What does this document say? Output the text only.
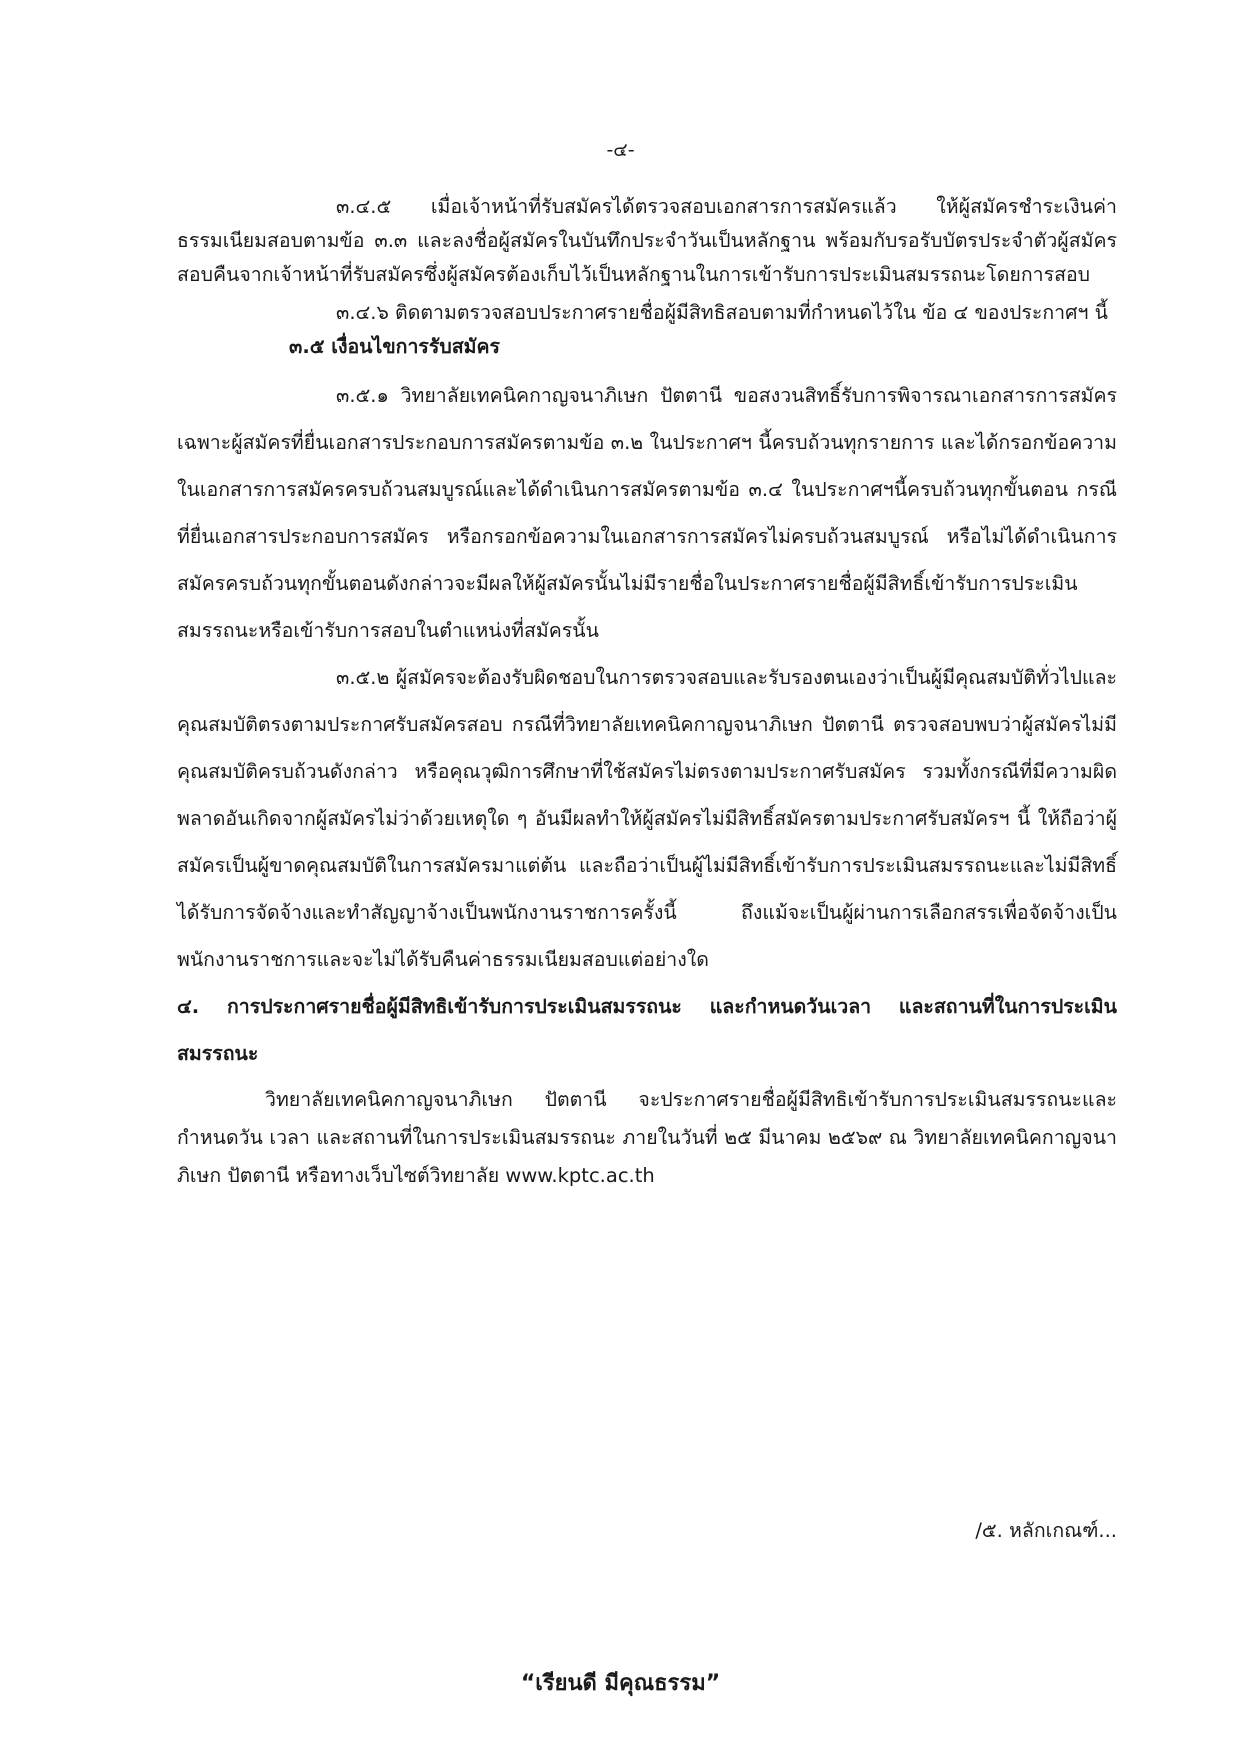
-๔-

๓.๔.๕ เมื่อเจ้าหน้าที่รับสมัครได้ตรวจสอบเอกสารการสมัครแล้ว ให้ผู้สมัครชำระเงินค่าธรรมเนียมสอบตามข้อ ๓.๓ และลงชื่อผู้สมัครในบันทึกประจำวันเป็นหลักฐาน พร้อมกับรอรับบัตรประจำตัวผู้สมัครสอบคืนจากเจ้าหน้าที่รับสมัครซึ่งผู้สมัครต้องเก็บไว้เป็นหลักฐานในการเข้ารับการประเมินสมรรถนะโดยการสอบ

๓.๔.๖ ติดตามตรวจสอบประกาศรายชื่อผู้มีสิทธิสอบตามที่กำหนดไว้ใน ข้อ ๔ ของประกาศฯ นี้

๓.๕ เงื่อนไขการรับสมัคร

๓.๕.๑ วิทยาลัยเทคนิคกาญจนาภิเษก ปัตตานี ขอสงวนสิทธิ์รับการพิจารณาเอกสารการสมัครเฉพาะผู้สมัครที่ยื่นเอกสารประกอบการสมัครตามข้อ ๓.๒ ในประกาศฯ นี้ครบถ้วนทุกรายการ และได้กรอกข้อความในเอกสารการสมัครครบถ้วนสมบูรณ์และได้ดำเนินการสมัครตามข้อ ๓.๔ ในประกาศฯนี้ครบถ้วนทุกขั้นตอน กรณีที่ยื่นเอกสารประกอบการสมัคร หรือกรอกข้อความในเอกสารการสมัครไม่ครบถ้วนสมบูรณ์ หรือไม่ได้ดำเนินการสมัครครบถ้วนทุกขั้นตอนดังกล่าวจะมีผลให้ผู้สมัครนั้นไม่มีรายชื่อในประกาศรายชื่อผู้มีสิทธิ์เข้ารับการประเมินสมรรถนะหรือเข้ารับการสอบในตำแหน่งที่สมัครนั้น

๓.๕.๒ ผู้สมัครจะต้องรับผิดชอบในการตรวจสอบและรับรองตนเองว่าเป็นผู้มีคุณสมบัติทั่วไปและคุณสมบัติตรงตามประกาศรับสมัครสอบ กรณีที่วิทยาลัยเทคนิคกาญจนาภิเษก ปัตตานี ตรวจสอบพบว่าผู้สมัครไม่มีคุณสมบัติครบถ้วนดังกล่าว หรือคุณวุฒิการศึกษาที่ใช้สมัครไม่ตรงตามประกาศรับสมัคร รวมทั้งกรณีที่มีความผิดพลาดอันเกิดจากผู้สมัครไม่ว่าด้วยเหตุใด ๆ อันมีผลทำให้ผู้สมัครไม่มีสิทธิ์สมัครตามประกาศรับสมัครฯ นี้ ให้ถือว่าผู้สมัครเป็นผู้ขาดคุณสมบัติในการสมัครมาแต่ต้น และถือว่าเป็นผู้ไม่มีสิทธิ์เข้ารับการประเมินสมรรถนะและไม่มีสิทธิ์ได้รับการจัดจ้างและทำสัญญาจ้างเป็นพนักงานราชการครั้งนี้ ถึงแม้จะเป็นผู้ผ่านการเลือกสรรเพื่อจัดจ้างเป็นพนักงานราชการและจะไม่ได้รับคืนค่าธรรมเนียมสอบแต่อย่างใด

๔. การประกาศรายชื่อผู้มีสิทธิเข้ารับการประเมินสมรรถนะ และกำหนดวันเวลา และสถานที่ในการประเมินสมรรถนะ

วิทยาลัยเทคนิคกาญจนาภิเษก ปัตตานี จะประกาศรายชื่อผู้มีสิทธิเข้ารับการประเมินสมรรถนะและกำหนดวัน เวลา และสถานที่ในการประเมินสมรรถนะ ภายในวันที่ ๒๕ มีนาคม ๒๕๖๙ ณ วิทยาลัยเทคนิคกาญจนาภิเษก ปัตตานี หรือทางเว็บไซต์วิทยาลัย www.kptc.ac.th

/๕. หลักเกณฑ์...
“เรียนดี มีคุณธรรม”
